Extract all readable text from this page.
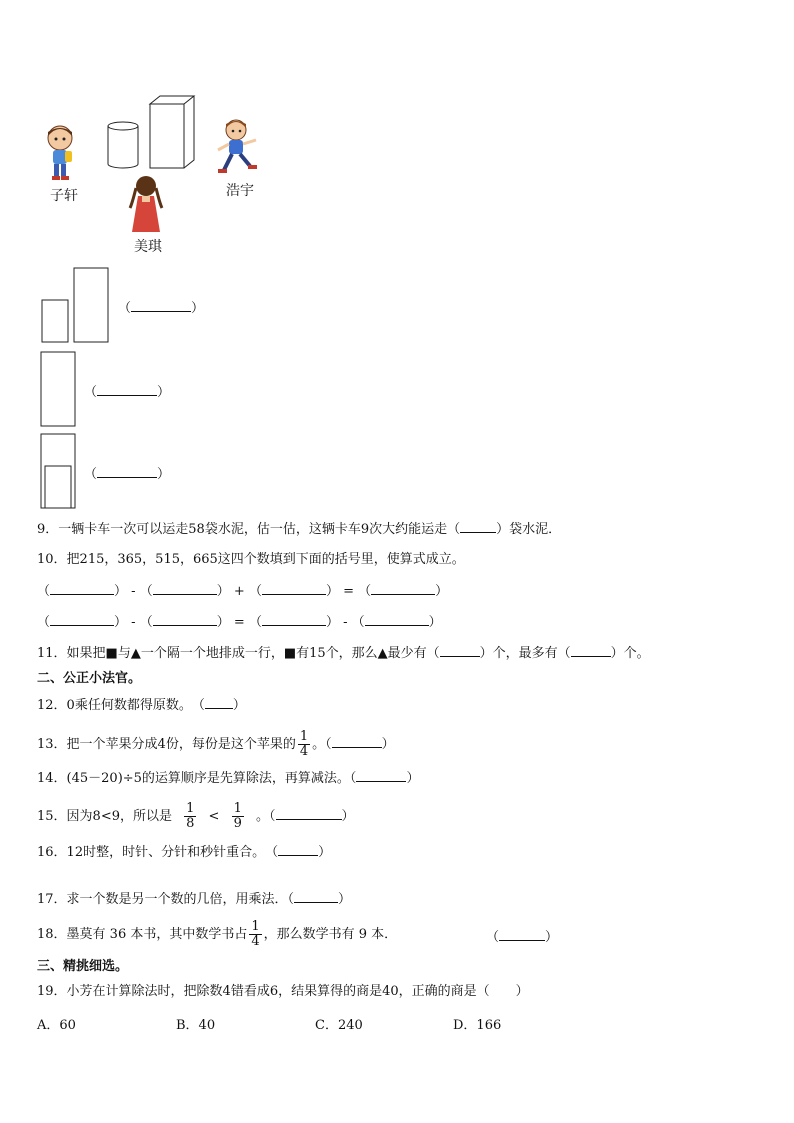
子轩
美琪
浩宇
（	）
（	）
（	）
9．一辆卡车一次可以运走58袋水泥，估一估，这辆卡车9次大约能运走（	）袋水泥．
10．把215，365，515，665这四个数填到下面的括号里，使算式成立。
（	） - （	） + （	） = （	）
（	） - （	） = （	） - （	）
11．如果把■与▲一个隔一个地排成一行，■有15个，那么▲最少有（	）个，最多有（	）个。
二、公正小法官。
12．0乘任何数都得原数。　（ ）
13．把一个苹果分成4份，每份是这个苹果的 $\frac{1}{4}$ 。（	）
14．(45－20)÷5的运算顺序是先算除法，再算减法。（	）
15．因为8<9，所以是 $\frac{1}{8} < \frac{1}{9}$ 。（	）
16．12时整，时针、分针和秒针重合。　（	）
17．求一个数是另一个数的几倍，用乘法．（	）
18．墨莫有 36 本书，其中数学书占 $\frac{1}{4}$ ，那么数学书有 9 本．	（	）
三、精挑细选。
19．小芳在计算除法时，把除数4错看成6，结果算得的商是40，正确的商是（　　）
A．60	B．40	C．240	D．166
